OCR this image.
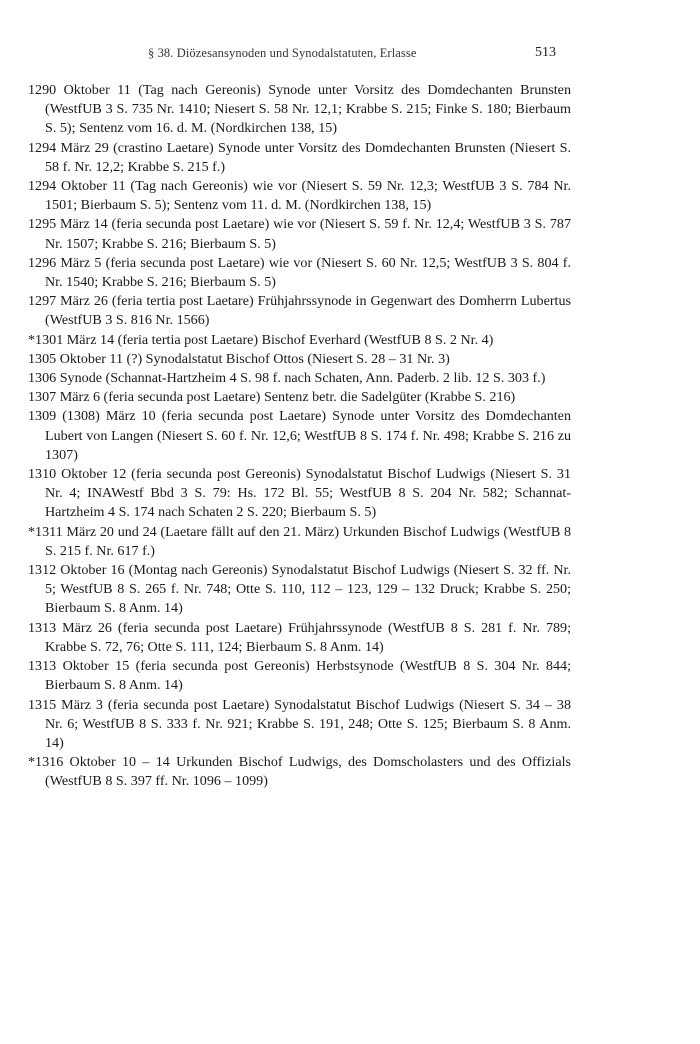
§ 38. Diözesansynoden und Synodalstatuten, Erlasse	513
1290 Oktober 11 (Tag nach Gereonis) Synode unter Vorsitz des Domdechanten Brunsten (WestfUB 3 S. 735 Nr. 1410; Niesert S. 58 Nr. 12,1; Krabbe S. 215; Finke S. 180; Bierbaum S. 5); Sentenz vom 16. d. M. (Nordkirchen 138, 15)
1294 März 29 (crastino Laetare) Synode unter Vorsitz des Domdechanten Brunsten (Niesert S. 58 f. Nr. 12,2; Krabbe S. 215 f.)
1294 Oktober 11 (Tag nach Gereonis) wie vor (Niesert S. 59 Nr. 12,3; WestfUB 3 S. 784 Nr. 1501; Bierbaum S. 5); Sentenz vom 11. d. M. (Nordkirchen 138, 15)
1295 März 14 (feria secunda post Laetare) wie vor (Niesert S. 59 f. Nr. 12,4; WestfUB 3 S. 787 Nr. 1507; Krabbe S. 216; Bierbaum S. 5)
1296 März 5 (feria secunda post Laetare) wie vor (Niesert S. 60 Nr. 12,5; WestfUB 3 S. 804 f. Nr. 1540; Krabbe S. 216; Bierbaum S. 5)
1297 März 26 (feria tertia post Laetare) Frühjahrssynode in Gegenwart des Domherrn Lubertus (WestfUB 3 S. 816 Nr. 1566)
*1301 März 14 (feria tertia post Laetare) Bischof Everhard (WestfUB 8 S. 2 Nr. 4)
1305 Oktober 11 (?) Synodalstatut Bischof Ottos (Niesert S. 28 – 31 Nr. 3)
1306 Synode (Schannat-Hartzheim 4 S. 98 f. nach Schaten, Ann. Paderb. 2 lib. 12 S. 303 f.)
1307 März 6 (feria secunda post Laetare) Sentenz betr. die Sadelgüter (Krabbe S. 216)
1309 (1308) März 10 (feria secunda post Laetare) Synode unter Vorsitz des Domdechanten Lubert von Langen (Niesert S. 60 f. Nr. 12,6; WestfUB 8 S. 174 f. Nr. 498; Krabbe S. 216 zu 1307)
1310 Oktober 12 (feria secunda post Gereonis) Synodalstatut Bischof Ludwigs (Niesert S. 31 Nr. 4; INAWestf Bbd 3 S. 79: Hs. 172 Bl. 55; WestfUB 8 S. 204 Nr. 582; Schannat-Hartzheim 4 S. 174 nach Schaten 2 S. 220; Bierbaum S. 5)
*1311 März 20 und 24 (Laetare fällt auf den 21. März) Urkunden Bischof Ludwigs (WestfUB 8 S. 215 f. Nr. 617 f.)
1312 Oktober 16 (Montag nach Gereonis) Synodalstatut Bischof Ludwigs (Niesert S. 32 ff. Nr. 5; WestfUB 8 S. 265 f. Nr. 748; Otte S. 110, 112 – 123, 129 – 132 Druck; Krabbe S. 250; Bierbaum S. 8 Anm. 14)
1313 März 26 (feria secunda post Laetare) Frühjahrssynode (WestfUB 8 S. 281 f. Nr. 789; Krabbe S. 72, 76; Otte S. 111, 124; Bierbaum S. 8 Anm. 14)
1313 Oktober 15 (feria secunda post Gereonis) Herbstsynode (WestfUB 8 S. 304 Nr. 844; Bierbaum S. 8 Anm. 14)
1315 März 3 (feria secunda post Laetare) Synodalstatut Bischof Ludwigs (Niesert S. 34 – 38 Nr. 6; WestfUB 8 S. 333 f. Nr. 921; Krabbe S. 191, 248; Otte S. 125; Bierbaum S. 8 Anm. 14)
*1316 Oktober 10 – 14 Urkunden Bischof Ludwigs, des Domscholasters und des Offizials (WestfUB 8 S. 397 ff. Nr. 1096 – 1099)
